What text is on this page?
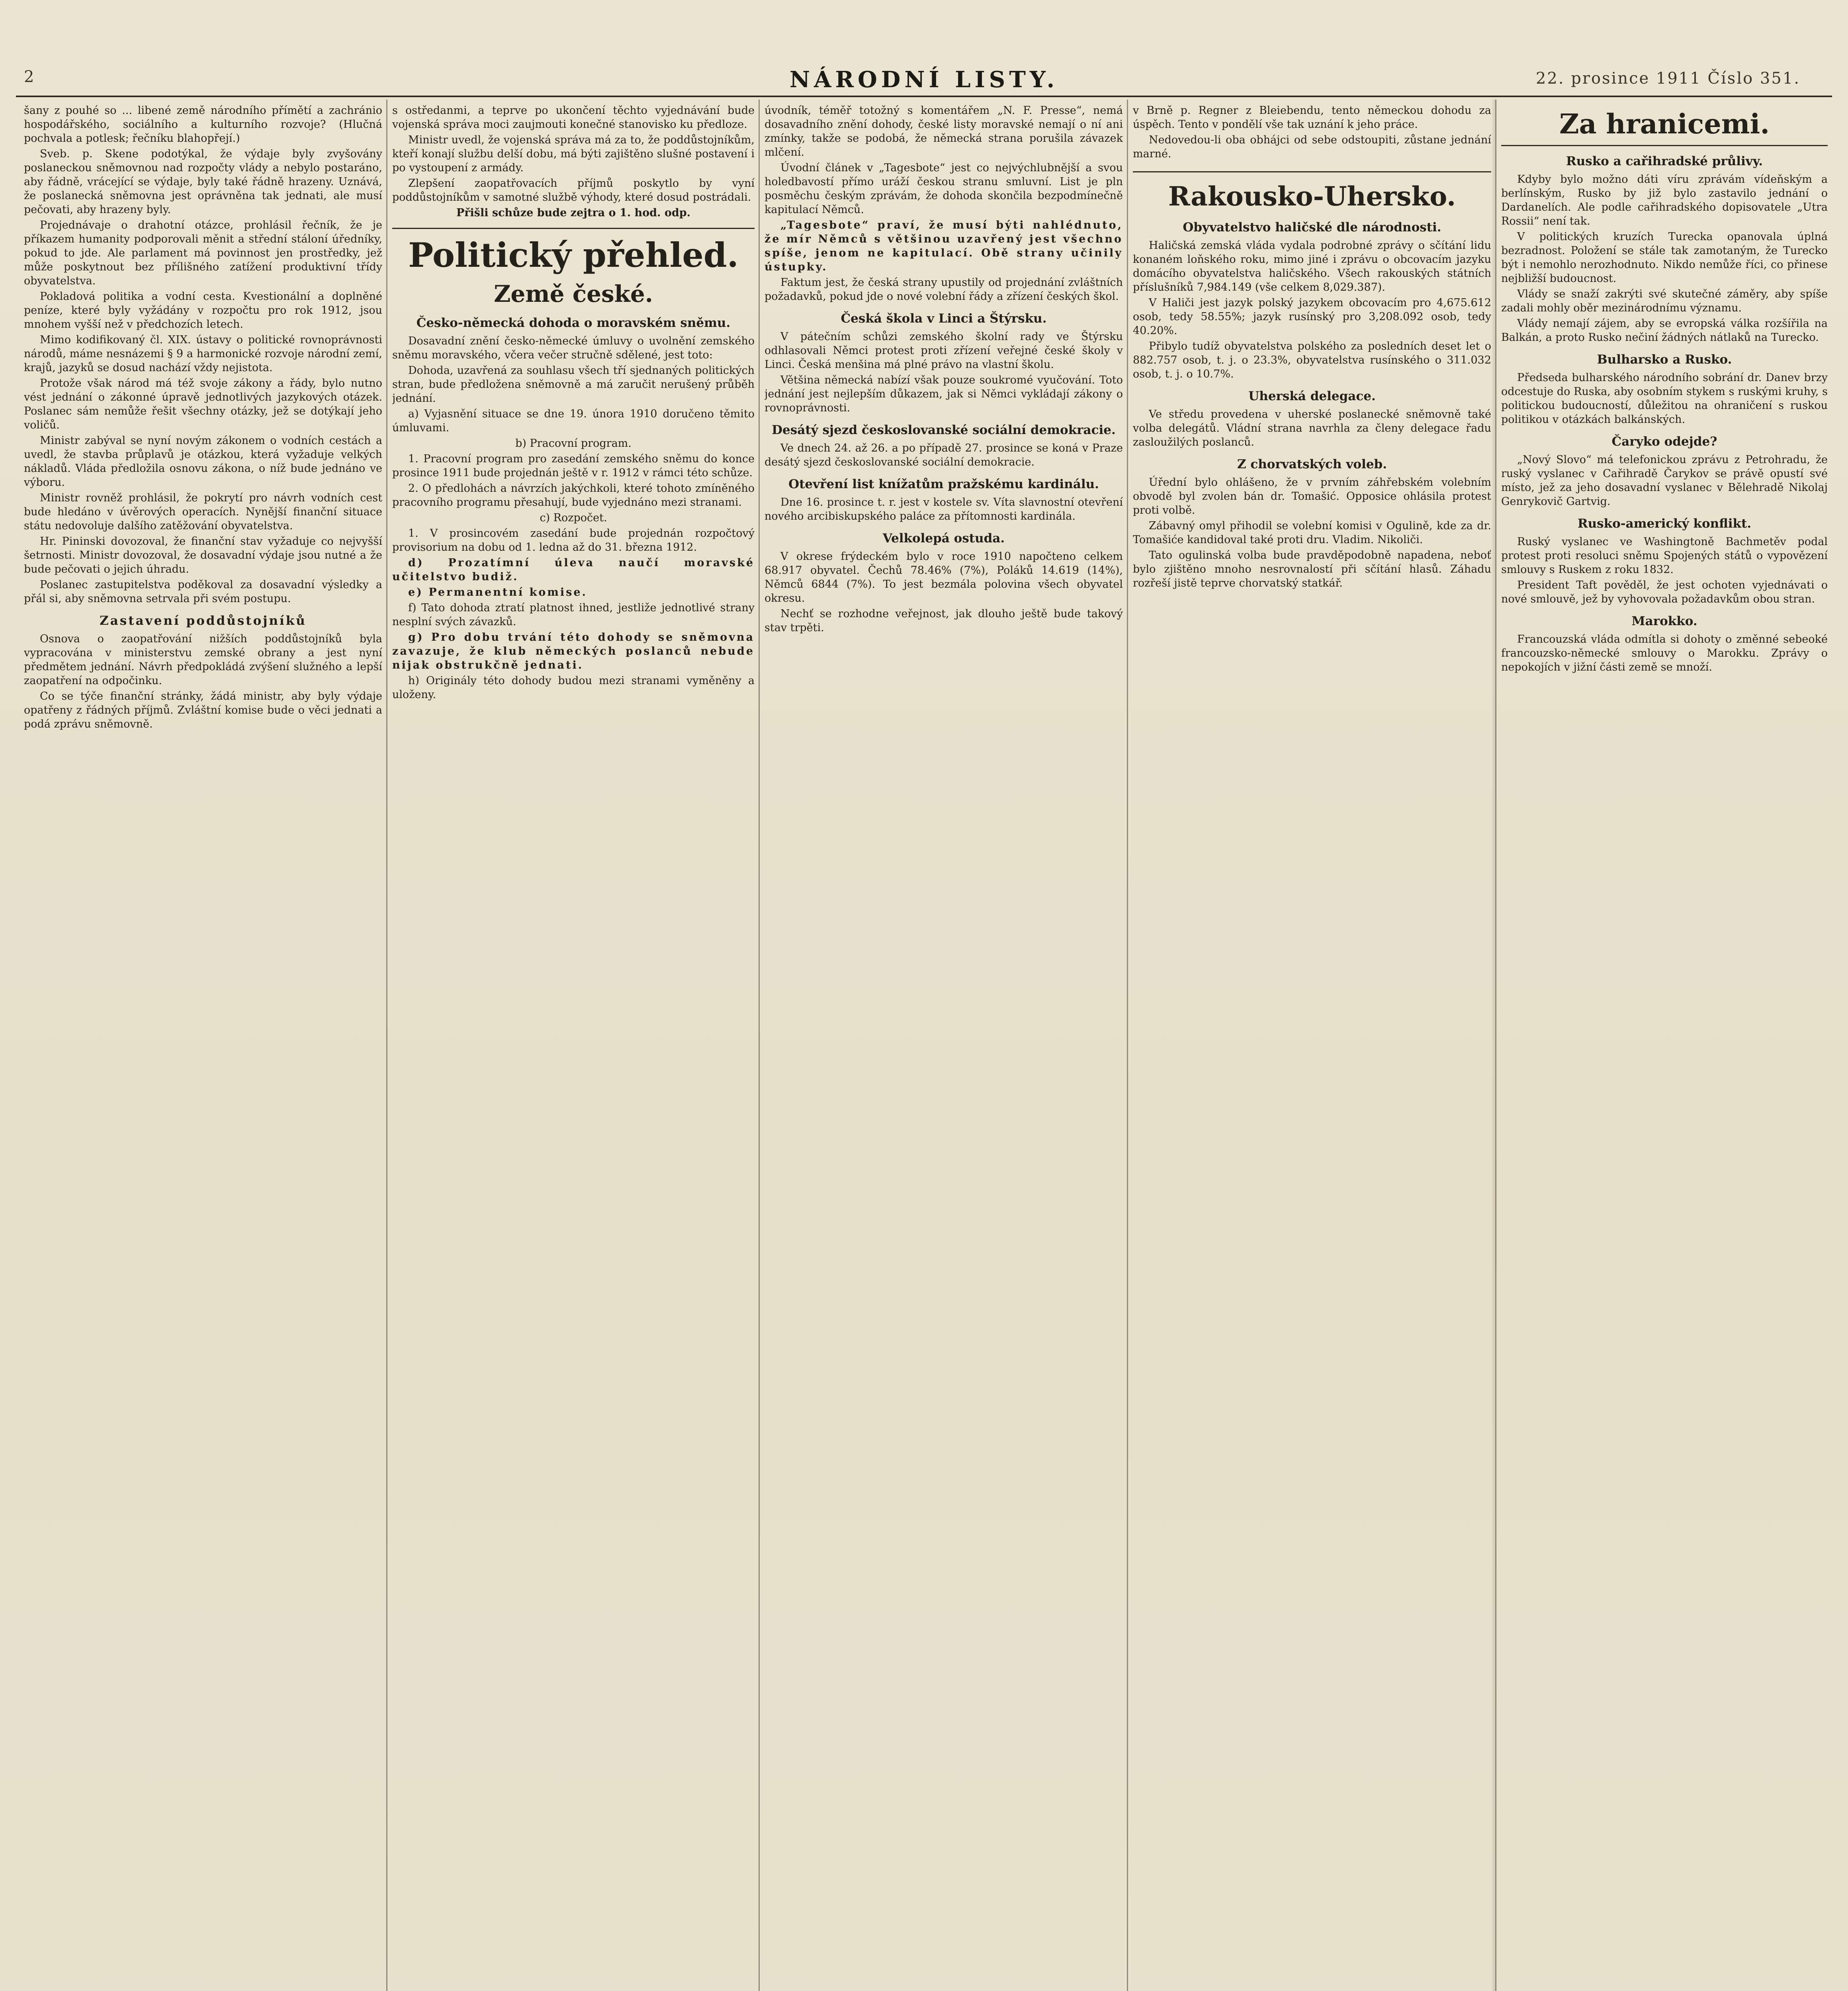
2	NÁRODNÍ LISTY.	22. prosince 1911 Číslo 351.

šany z pouhé so ... libené země národního přímětí a zachránio hospodářského, sociálního a kulturního rozvoje? (Hlučná pochvala a potlesk; řečníku blahopřejí.)

Sveb. p. Skene podotýkal, že výdaje byly zvyšovány poslaneckou sněmovnou nad rozpočty vlády a nebylo postaráno, aby řádně, vrácející se výdaje, byly také řádně hrazeny. Uznává, že poslanecká sněmovna jest oprávněna tak jednati, ale musí pečovati, aby hrazeny byly.

Projednávaje o drahotní otázce, prohlásil řečník, že je příkazem humanity podporovali měnit a střední stáloní úředníky, pokud to jde. Ale parlament má povinnost jen prostředky, jež může poskytnout bez přílišného zatížení produktivní třídy obyvatelstva.

Pokladová politika a vodní cesta. Kvestionální a doplněné peníze, které byly vyžádány v rozpočtu pro rok 1912, jsou mnohem vyšší než v předchozích letech.

Mimo kodifikovaný čl. XIX. ústavy o politické rovnoprávnosti národů, máme nesnázemi § 9 a harmonické rozvoje národní zemí, krajů, jazyků se dosud nachází vždy nejistota.

Protože však národ má též svoje zákony a řády, bylo nutno vést jednání o zákonné úpravě jednotlivých jazykových otázek. Poslanec sám nemůže řešit všechny otázky, jež se dotýkají jeho voličů.

Ministr zabýval se nyní novým zákonem o vodních cestách a uvedl, že stavba průplavů je otázkou, která vyžaduje velkých nákladů. Vláda předložila osnovu zákona, o níž bude jednáno ve výboru.

Ministr rovněž prohlásil, že pokrytí pro návrh vodních cest bude hledáno v úvěrových operacích. Nynější finanční situace státu nedovoluje dalšího zatěžování obyvatelstva.

Hr. Pininski dovozoval, že finanční stav vyžaduje co nejvyšší šetrnosti. Ministr dovozoval, že dosavadní výdaje jsou nutné a že bude pečovati o jejich úhradu.

Poslanec zastupitelstva poděkoval za dosavadní výsledky a přál si, aby sněmovna setrvala při svém postupu.

Zastavení poddůstojníků

Osnova o zaopatřování nižších poddůstojníků byla vypracována v ministerstvu zemské obrany a jest nyní předmětem jednání. Návrh předpokládá zvýšení služného a lepší zaopatření na odpočinku.

Co se týče finanční stránky, žádá ministr, aby byly výdaje opatřeny z řádných příjmů. Zvláštní komise bude o věci jednati a podá zprávu sněmovně.

s ostředanmi, a teprve po ukončení těchto vyjednávání bude vojenská správa moci zaujmouti konečné stanovisko ku předloze.

Ministr uvedl, že vojenská správa má za to, že poddůstojníkům, kteří konají službu delší dobu, má býti zajištěno slušné postavení i po vystoupení z armády.

Zlepšení zaopatřovacích příjmů poskytlo by vyní poddůstojníkům v samotné službě výhody, které dosud postrádali.

Přišli schůze bude zejtra o 1. hod. odp.

Politický přehled.
Země české.
Česko-německá dohoda o moravském sněmu.

Dosavadní znění česko-německé úmluvy o uvolnění zemského sněmu moravského, včera večer stručně sdělené, jest toto:

Dohoda, uzavřená za souhlasu všech tří sjednaných politických stran, bude předložena sněmovně a má zaručit nerušený průběh jednání.

a) Vyjasnění situace se dne 19. února 1910 doručeno těmito úmluvami.

b) Pracovní program.

1. Pracovní program pro zasedání zemského sněmu do konce prosince 1911 bude projednán ještě v r. 1912 v rámci této schůze.

2. O předlohách a návrzích jakýchkoli, které tohoto zmíněného pracovního programu přesahují, bude vyjednáno mezi stranami.

c) Rozpočet.

1. V prosincovém zasedání bude projednán rozpočtový provisorium na dobu od 1. ledna až do 31. března 1912.

d) Prozatímní úleva naučí moravské učitelstvo budiž.

e) Permanentní komise.

f) Tato dohoda ztratí platnost ihned, jestliže jednotlivé strany nesplní svých závazků.

g) Pro dobu trvání této dohody se sněmovna zavazuje, že klub německých poslanců nebude nijak obstrukčně jednati.

h) Originály této dohody budou mezi stranami vyměněny a uloženy.

úvodník, téměř totožný s komentářem „N. F. Presse“, nemá dosavadního znění dohody, české listy moravské nemají o ní ani zmínky, takže se podobá, že německá strana porušila závazek mlčení.

Úvodní článek v „Tagesbote“ jest co nejvýchlubnější a svou holedbavostí přímo uráží českou stranu smluvní. List je pln posměchu českým zprávám, že dohoda skončila bezpodmínečně kapitulací Němců.

„Tagesbote“ praví, že musí býti nahlédnuto, že mír Němců s většinou uzavřený jest všechno spíše, jenom ne kapitulací. Obě strany učinily ústupky.

Faktum jest, že česká strany upustily od projednání zvláštních požadavků, pokud jde o nové volební řády a zřízení českých škol.

Česká škola v Linci a Štýrsku.

V pátečním schůzi zemského školní rady ve Štýrsku odhlasovali Němci protest proti zřízení veřejné české školy v Linci. Česká menšina má plné právo na vlastní školu.

Většina německá nabízí však pouze soukromé vyučování. Toto jednání jest nejlepším důkazem, jak si Němci vykládají zákony o rovnoprávnosti.

Desátý sjezd českoslovanské sociální demokracie.

Ve dnech 24. až 26. a po případě 27. prosince se koná v Praze desátý sjezd českoslovanské sociální demokracie.

Otevření list knížatům pražskému kardinálu.

Dne 16. prosince t. r. jest v kostele sv. Víta slavnostní otevření nového arcibiskupského paláce za přítomnosti kardinála.

Velkolepá ostuda.

V okrese frýdeckém bylo v roce 1910 napočteno celkem 68.917 obyvatel. Čechů 78.46% (7%), Poláků 14.619 (14%), Němců 6844 (7%). To jest bezmála polovina všech obyvatel okresu.

Nechť se rozhodne veřejnost, jak dlouho ještě bude takový stav trpěti.

v Brně p. Regner z Bleiebendu, tento německou dohodu za úspěch. Tento v pondělí vše tak uznání k jeho práce.

Nedovedou-li oba obhájci od sebe odstoupiti, zůstane jednání marné.

Rakousko-Uhersko.
Obyvatelstvo haličské dle národnosti.

Haličská zemská vláda vydala podrobné zprávy o sčítání lidu konaném loňského roku, mimo jiné i zprávu o obcovacím jazyku domácího obyvatelstva haličského. Všech rakouských státních příslušníků 7,984.149 (vše celkem 8,029.387).

V Haliči jest jazyk polský jazykem obcovacím pro 4,675.612 osob, tedy 58.55%; jazyk rusínský pro 3,208.092 osob, tedy 40.20%.

Přibylo tudíž obyvatelstva polského za posledních deset let o 882.757 osob, t. j. o 23.3%, obyvatelstva rusínského o 311.032 osob, t. j. o 10.7%.

Uherská delegace.

Ve středu provedena v uherské poslanecké sněmovně také volba delegátů. Vládní strana navrhla za členy delegace řadu zasloužilých poslanců.

Z chorvatských voleb.

Úřední bylo ohlášeno, že v prvním záhřebském volebním obvodě byl zvolen bán dr. Tomašić. Opposice ohlásila protest proti volbě.

Zábavný omyl přihodil se volební komisi v Ogulině, kde za dr. Tomašiće kandidoval také proti dru. Vladim. Nikoliči.

Tato ogulinská volba bude pravděpodobně napadena, neboť bylo zjištěno mnoho nesrovnalostí při sčítání hlasů. Záhadu rozřeší jistě teprve chorvatský statkář.

Za hranicemi.
Rusko a cařihradské průlivy.

Kdyby bylo možno dáti víru zprávám vídeňským a berlínským, Rusko by již bylo zastavilo jednání o Dardanelích. Ale podle cařihradského dopisovatele „Utra Rossii“ není tak.

V politických kruzích Turecka opanovala úplná bezradnost. Položení se stále tak zamotaným, že Turecko být i nemohlo nerozhodnuto. Nikdo nemůže říci, co přinese nejbližší budoucnost.

Vlády se snaží zakrýti své skutečné záměry, aby spíše zadali mohly oběr mezinárodnímu významu.

Vlády nemají zájem, aby se evropská válka rozšířila na Balkán, a proto Rusko nečiní žádných nátlaků na Turecko.

Bulharsko a Rusko.

Předseda bulharského národního sobrání dr. Danev brzy odcestuje do Ruska, aby osobním stykem s ruskými kruhy, s politickou budoucností, důležitou na ohraničení s ruskou politikou v otázkách balkánských.

Čaryko odejde?

„Nový Slovo“ má telefonickou zprávu z Petrohradu, že ruský vyslanec v Cařihradě Čarykov se právě opustí své místo, jež za jeho dosavadní vyslanec v Bělehradě Nikolaj Genrykovič Gartvig.

Rusko-americký konflikt.

Ruský vyslanec ve Washingtoně Bachmetěv podal protest proti resoluci sněmu Spojených států o vypovězení smlouvy s Ruskem z roku 1832.

President Taft pověděl, že jest ochoten vyjednávati o nové smlouvě, jež by vyhovovala požadavkům obou stran.

Marokko.

Francouzská vláda odmítla si dohoty o změnné sebeoké francouzsko-německé smlouvy o Marokku. Zprávy o nepokojích v jižní části země se množí.
